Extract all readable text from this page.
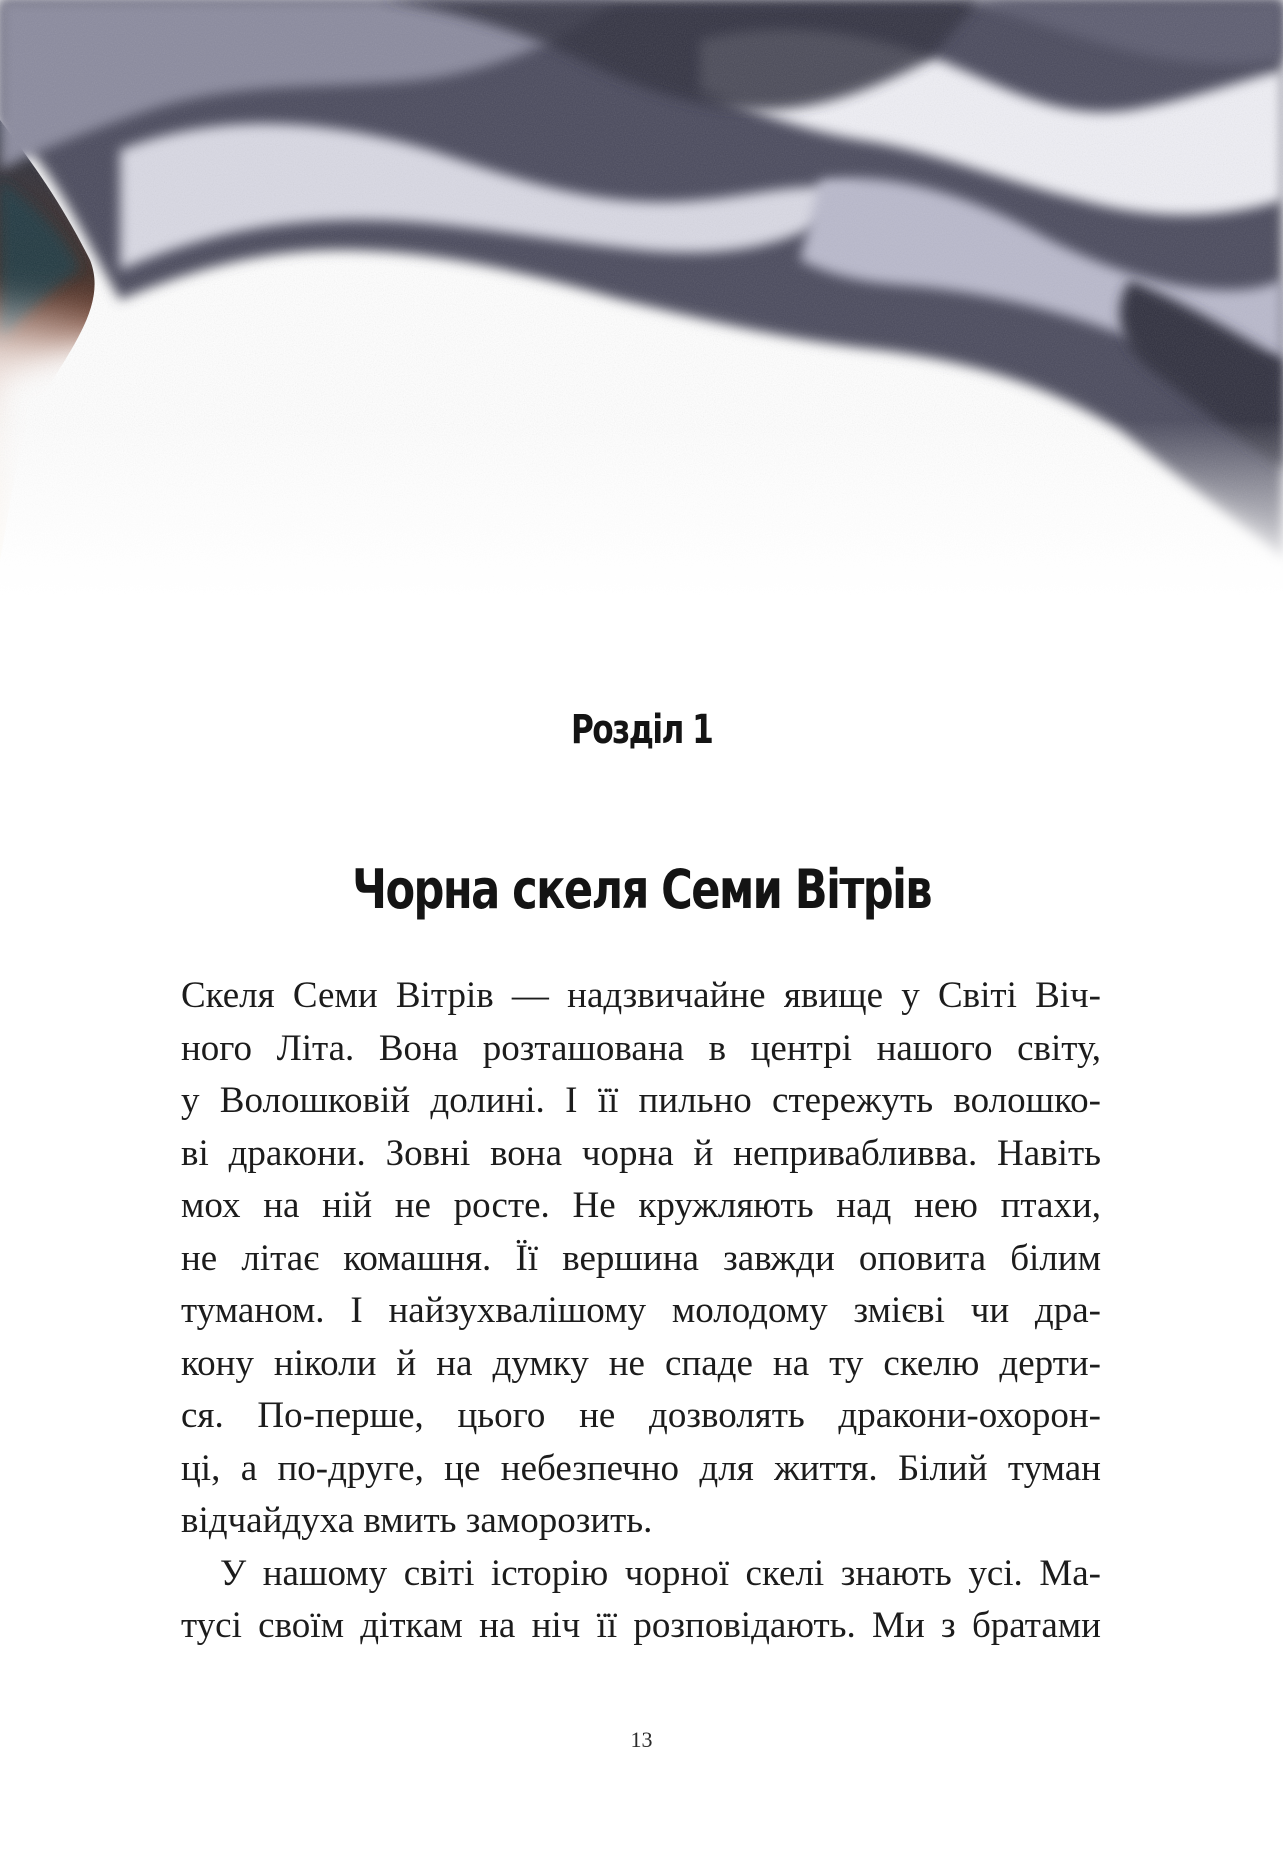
Розділ 1
Чорна скеля Семи Вітрів
Скеля Семи Вітрів — надзвичайне явище у Світі Віч-
ного Літа. Вона розташована в центрі нашого світу,
у Волошковій долині. І її пильно стережуть волошко-
ві дракони. Зовні вона чорна й непривабливва. Навіть
мох на ній не росте. Не кружляють над нею птахи,
не літає комашня. Її вершина завжди оповита білим
туманом. І найзухвалішому молодому змієві чи дра-
кону ніколи й на думку не спаде на ту скелю дерти-
ся. По-перше, цього не дозволять дракони-охорон-
ці, а по-друге, це небезпечно для життя. Білий туман
відчайдуха вмить заморозить.
У нашому світі історію чорної скелі знають усі. Ма-
тусі своїм діткам на ніч її розповідають. Ми з братами
13
